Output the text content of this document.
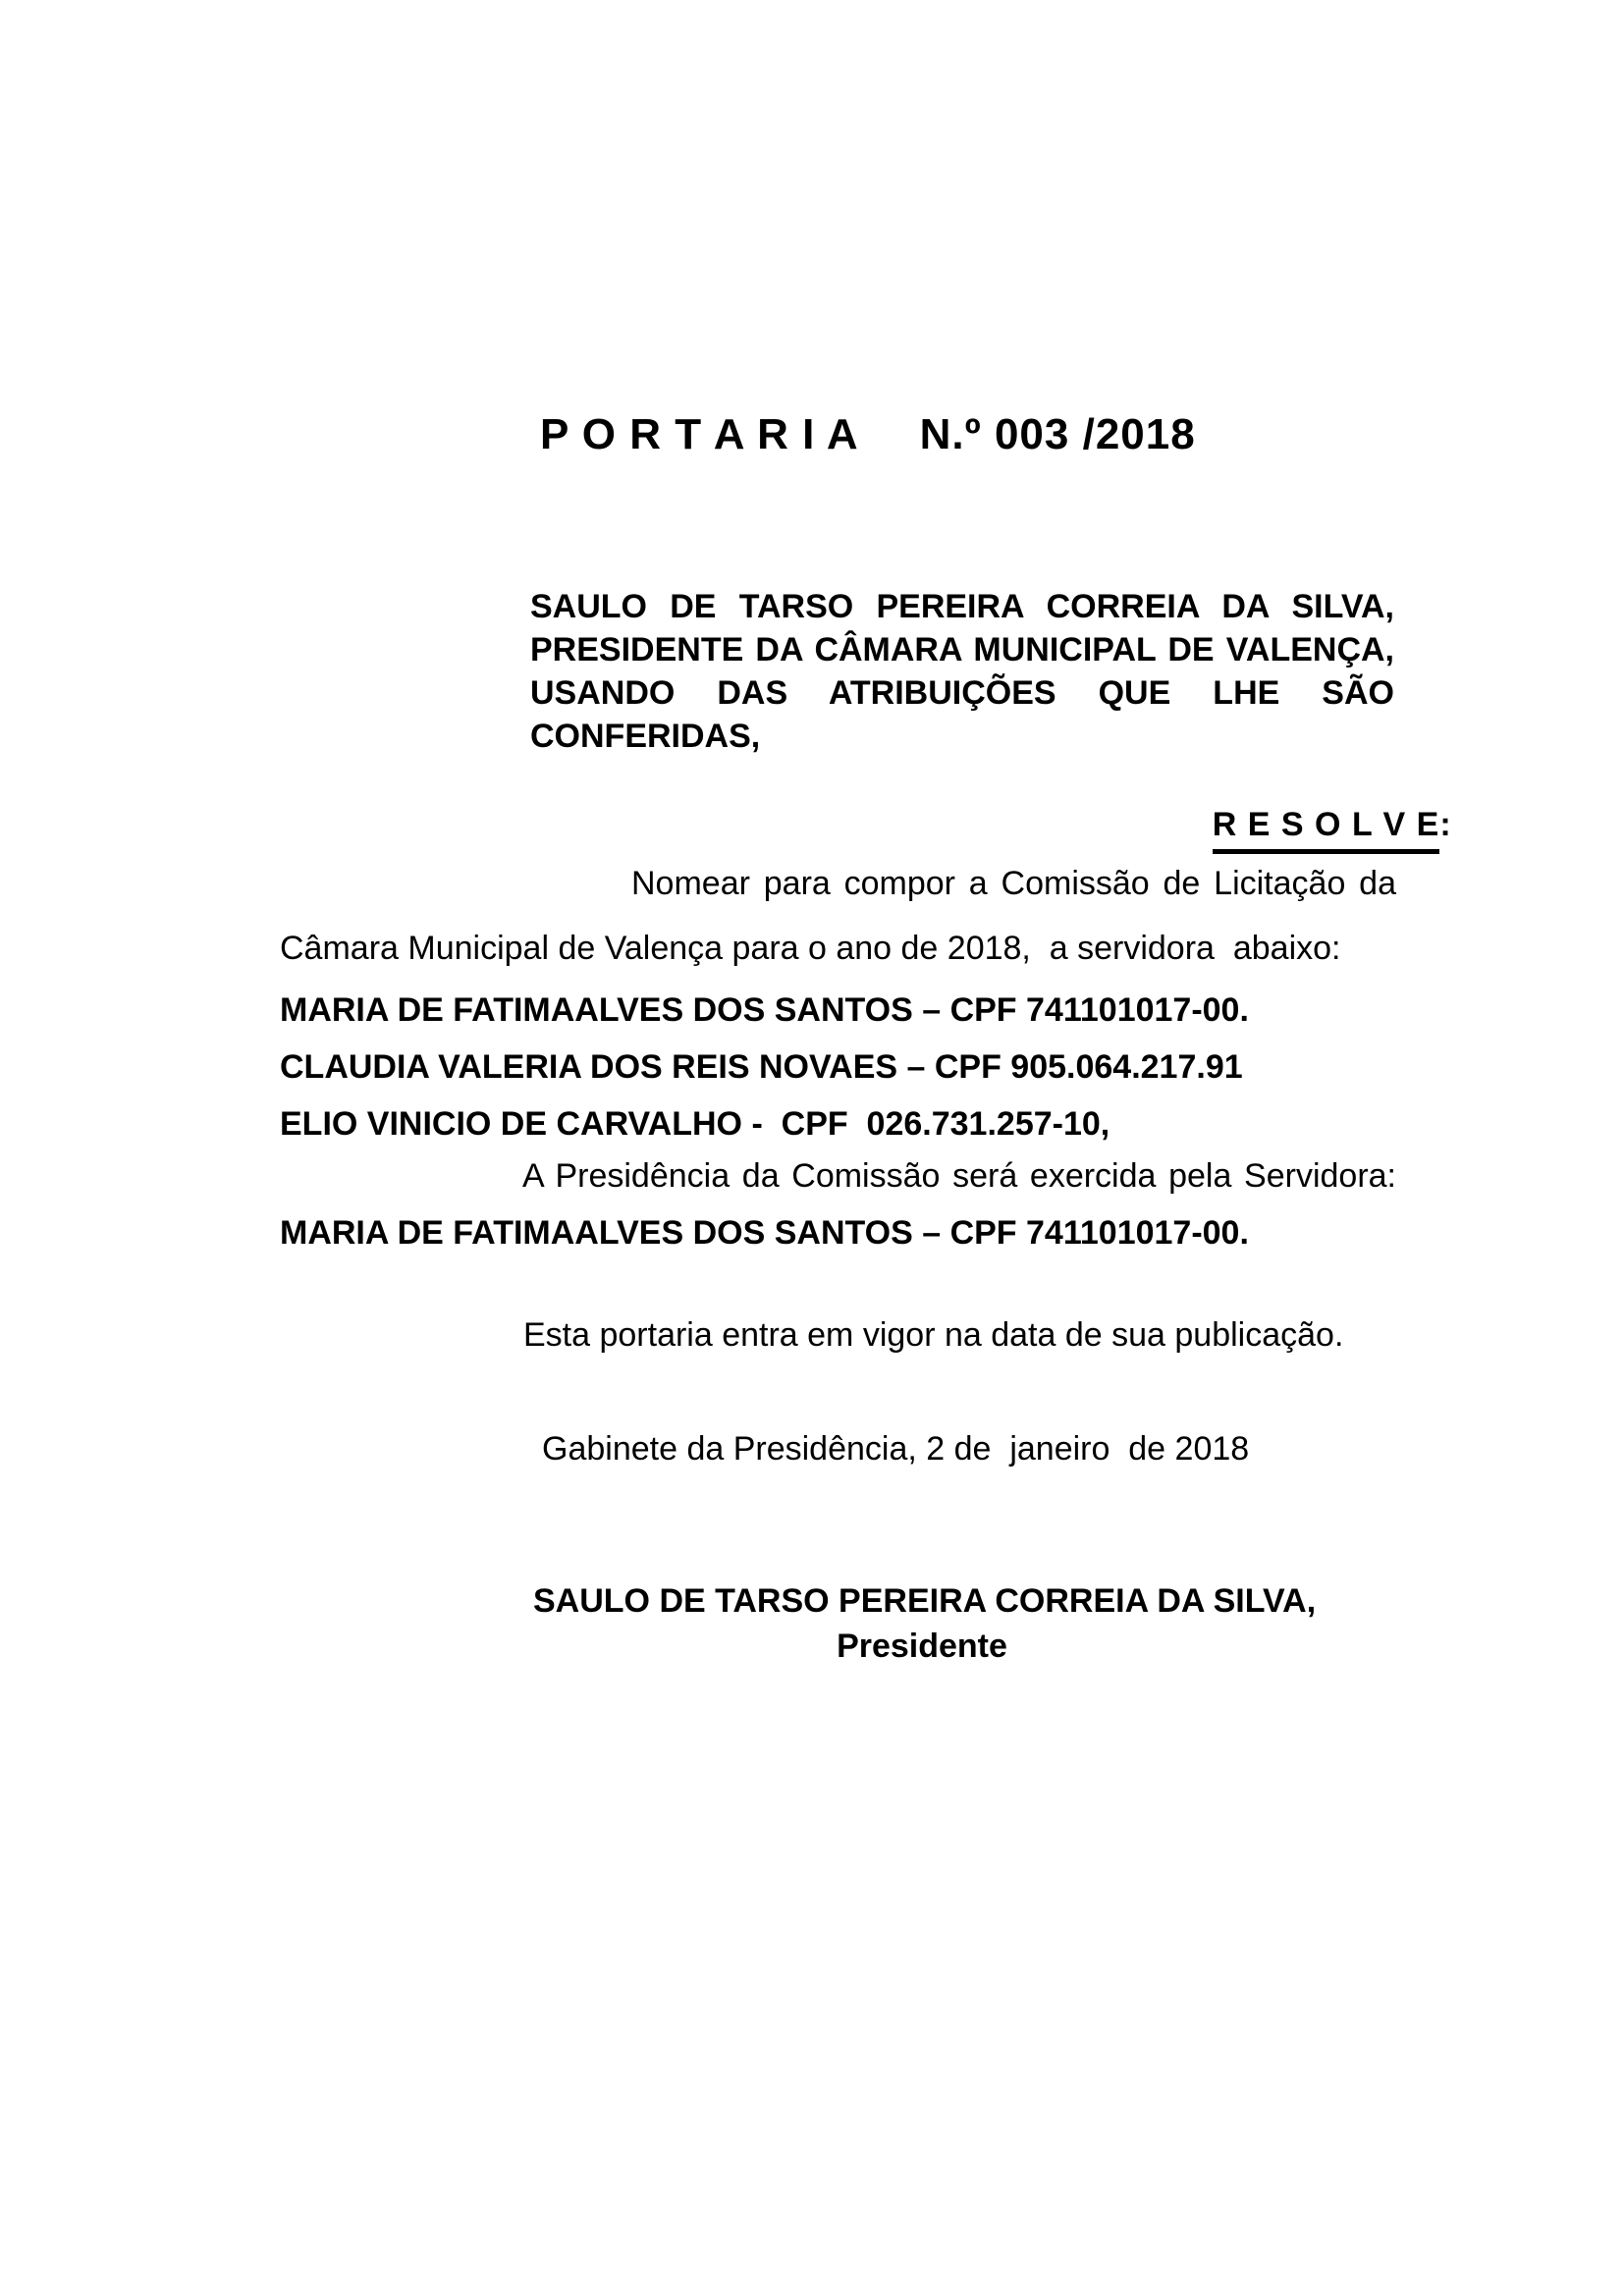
P O R T A R I A N.º 003 /2018
SAULO DE TARSO PEREIRA CORREIA DA SILVA,
PRESIDENTE DA CÂMARA MUNICIPAL DE VALENÇA,
USANDO DAS ATRIBUIÇÕES QUE LHE SÃO
CONFERIDAS,

R E S O L V E:

Nomear para compor a Comissão de Licitação da
Câmara Municipal de Valença para o ano de 2018,  a servidora  abaixo:
MARIA DE FATIMAALVES DOS SANTOS – CPF 741101017-00.
CLAUDIA VALERIA DOS REIS NOVAES – CPF 905.064.217.91
ELIO VINICIO DE CARVALHO -  CPF  026.731.257-10,
A Presidência da Comissão será exercida pela Servidora:
MARIA DE FATIMAALVES DOS SANTOS – CPF 741101017-00.
Esta portaria entra em vigor na data de sua publicação.
Gabinete da Presidência, 2 de  janeiro  de 2018
SAULO DE TARSO PEREIRA CORREIA DA SILVA,
Presidente
